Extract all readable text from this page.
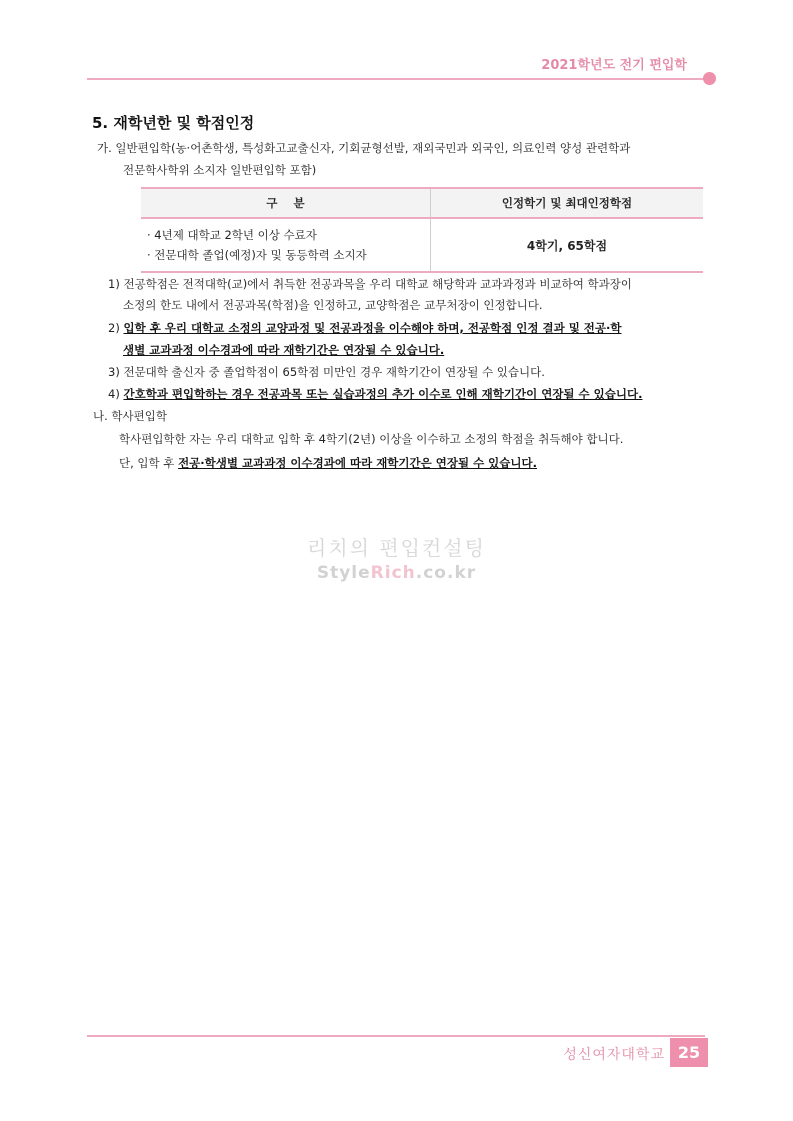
2021학년도 전기 편입학
5. 재학년한 및 학점인정
가. 일반편입학(농·어촌학생, 특성화고교출신자, 기회균형선발, 재외국민과 외국인, 의료인력 양성 관련학과
전문학사학위 소지자 일반편입학 포함)
구    분	인정학기 및 최대인정학점

· 4년제 대학교 2학년 이상 수료자
· 전문대학 졸업(예정)자 및 동등학력 소지자	4학기, 65학점
1) 전공학점은 전적대학(교)에서 취득한 전공과목을 우리 대학교 해당학과 교과과정과 비교하여 학과장이
소정의 한도 내에서 전공과목(학점)을 인정하고, 교양학점은 교무처장이 인정합니다.
2) 입학 후 우리 대학교 소정의 교양과정 및 전공과정을 이수해야 하며, 전공학점 인정 결과 및 전공·학
생별 교과과정 이수경과에 따라 재학기간은 연장될 수 있습니다.
3) 전문대학 출신자 중 졸업학점이 65학점 미만인 경우 재학기간이 연장될 수 있습니다.
4) 간호학과 편입학하는 경우 전공과목 또는 실습과정의 추가 이수로 인해 재학기간이 연장될 수 있습니다.
나. 학사편입학
학사편입학한 자는 우리 대학교 입학 후 4학기(2년) 이상을 이수하고 소정의 학점을 취득해야 합니다.
단, 입학 후 전공·학생별 교과과정 이수경과에 따라 재학기간은 연장될 수 있습니다.
리치의 편입컨설팅
StyleRich.co.kr
성신여자대학교 25
